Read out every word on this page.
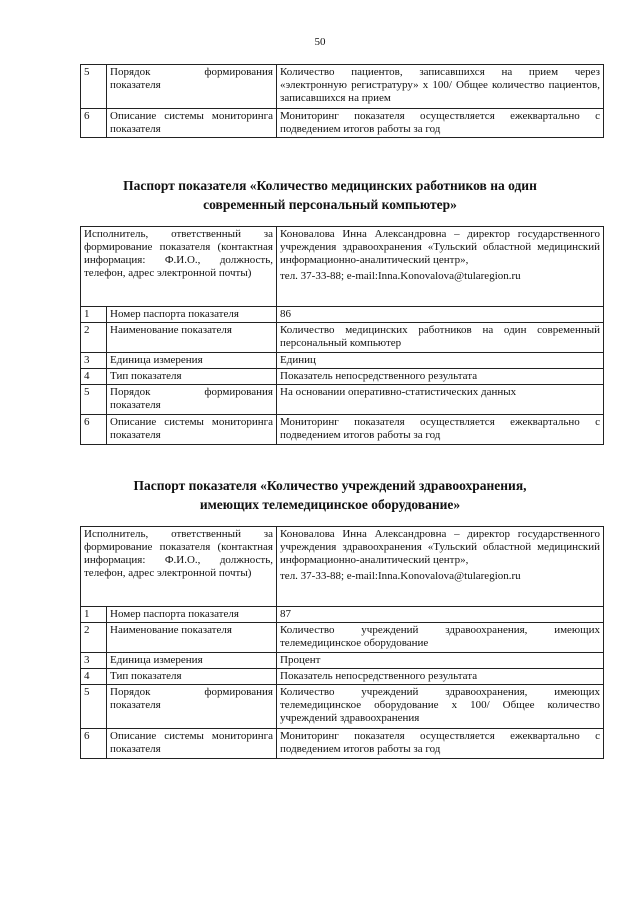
50
5	Порядок формирования показателя	Количество пациентов, записавшихся на прием через «электронную регистратуру» х 100/ Общее количество пациентов, записавшихся на прием
6	Описание системы мониторинга показателя	Мониторинг показателя осуществляется ежеквартально с подведением итогов работы за год
Паспорт показателя «Количество медицинских работников на один
современный персональный компьютер»
Исполнитель, ответственный за формирование показателя (контактная информация: Ф.И.О., должность, телефон, адрес электронной почты)		Коновалова Инна Александровна – директор государственного учреждения здравоохранения «Тульский областной медицинский информационно-аналитический центр»,
тел. 37-33-88; e-mail:Inna.Konovalova@tularegion.ru

1	Номер паспорта показателя	86
2	Наименование показателя	Количество медицинских работников на один современный персональный компьютер
3	Единица измерения	Единиц
4	Тип показателя	Показатель непосредственного результата
5	Порядок формирования показателя	На основании оперативно-статистических данных
6	Описание системы мониторинга показателя	Мониторинг показателя осуществляется ежеквартально с подведением итогов работы за год
Паспорт показателя «Количество учреждений здравоохранения,
имеющих телемедицинское оборудование»
Исполнитель, ответственный за формирование показателя (контактная информация: Ф.И.О., должность, телефон, адрес электронной почты)		Коновалова Инна Александровна – директор государственного учреждения здравоохранения «Тульский областной медицинский информационно-аналитический центр»,
тел. 37-33-88; e-mail:Inna.Konovalova@tularegion.ru

1	Номер паспорта показателя	87
2	Наименование показателя	Количество учреждений здравоохранения, имеющих телемедицинское оборудование
3	Единица измерения	Процент
4	Тип показателя	Показатель непосредственного результата
5	Порядок формирования показателя	Количество учреждений здравоохранения, имеющих телемедицинское оборудование х 100/ Общее количество учреждений здравоохранения
6	Описание системы мониторинга показателя	Мониторинг показателя осуществляется ежеквартально с подведением итогов работы за год
